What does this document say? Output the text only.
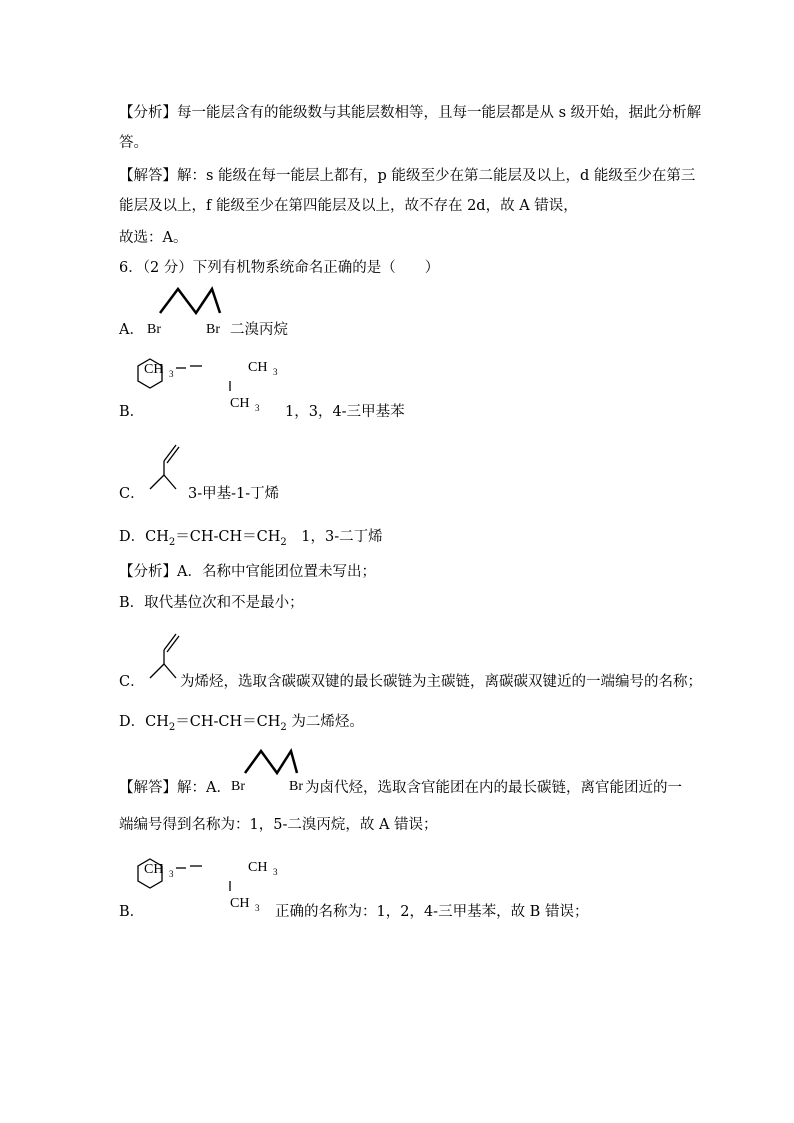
【分析】每一能层含有的能级数与其能层数相等，且每一能层都是从 s 级开始，据此分析解
答。
【解答】解：s 能级在每一能层上都有，p 能级至少在第二能层及以上，d 能级至少在第三
能层及以上，f 能级至少在第四能层及以上，故不存在 2d，故 A 错误，
故选：A。
6．（2 分）下列有机物系统命名正确的是（　　）
A． Br	Br 二溴丙烷
CH 3	CH 3
CH 3
B．	1，3，4-三甲基苯
C．	3-甲基-1-丁烯
D．$CH_2=CH-CH=CH_2$　 1，3-二丁烯
【分析】A．名称中官能团位置未写出；
B．取代基位次和不是最小；
C． 为烯烃，选取含碳碳双键的最长碳链为主碳链，离碳碳双键近的一端编号的名称；
D．$CH_2=CH-CH=CH_2$ 为二烯烃。
【解答】解：A． Br	Br 为卤代烃，选取含官能团在内的最长碳链，离官能团近的一
端编号得到名称为：1，5-二溴丙烷，故 A 错误；
CH 3	CH 3
CH 3
B．	正确的名称为：1，2，4-三甲基苯，故 B 错误；
